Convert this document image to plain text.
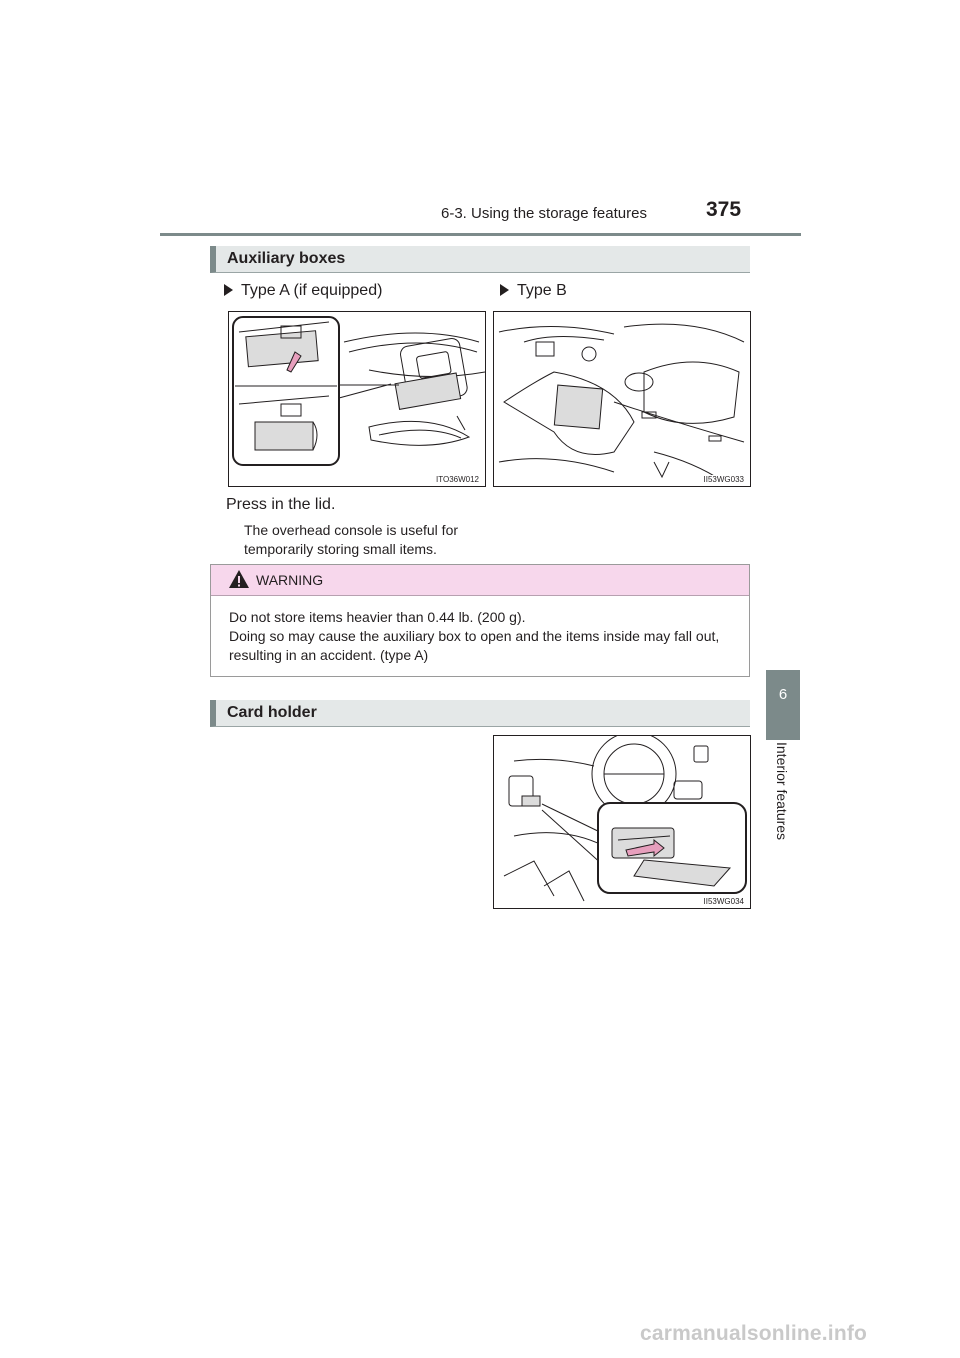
6-3. Using the storage features	375
6
Interior features
Auxiliary boxes
Type A (if equipped)	Type B
ITO36W012	II53WG033
Press in the lid.
The overhead console is useful for
temporarily storing small items.
WARNING
Do not store items heavier than 0.44 lb. (200 g).
Doing so may cause the auxiliary box to open and the items inside may fall out, resulting in an accident. (type A)
Card holder
II53WG034
carmanualsonline.info
